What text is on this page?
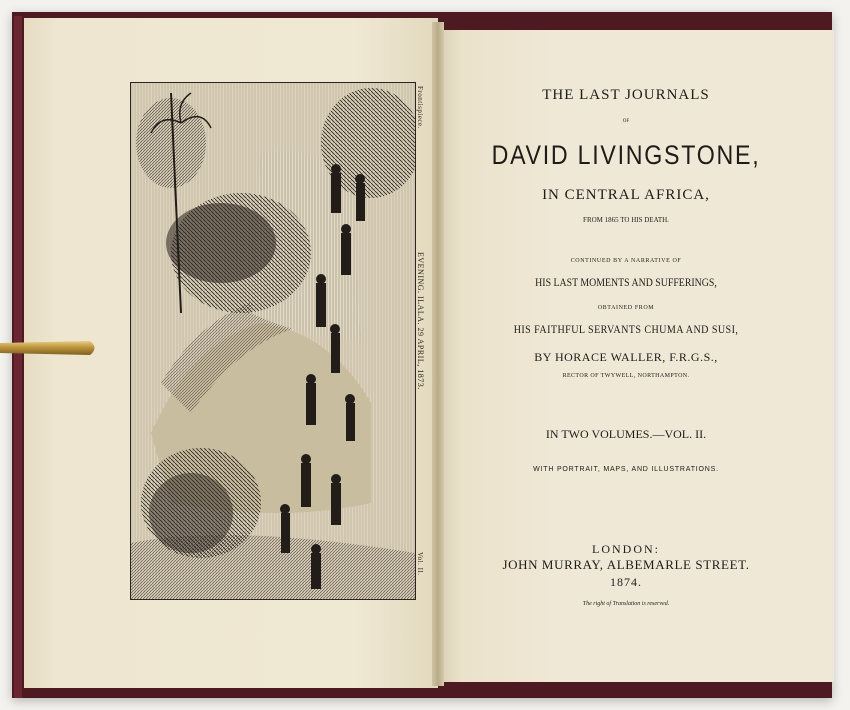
Frontispiece.
EVENING. ILALA. 29 APRIL, 1873.
Vol. II.
THE LAST JOURNALS
OF
DAVID LIVINGSTONE,
IN CENTRAL AFRICA,
FROM 1865 TO HIS DEATH.
CONTINUED BY A NARRATIVE OF
HIS LAST MOMENTS AND SUFFERINGS,
OBTAINED FROM
HIS FAITHFUL SERVANTS CHUMA AND SUSI,
BY HORACE WALLER, F.R.G.S.,
RECTOR OF TWYWELL, NORTHAMPTON.
IN TWO VOLUMES.—VOL. II.
WITH PORTRAIT, MAPS, AND ILLUSTRATIONS.
LONDON:
JOHN MURRAY, ALBEMARLE STREET.
1874.
The right of Translation is reserved.
